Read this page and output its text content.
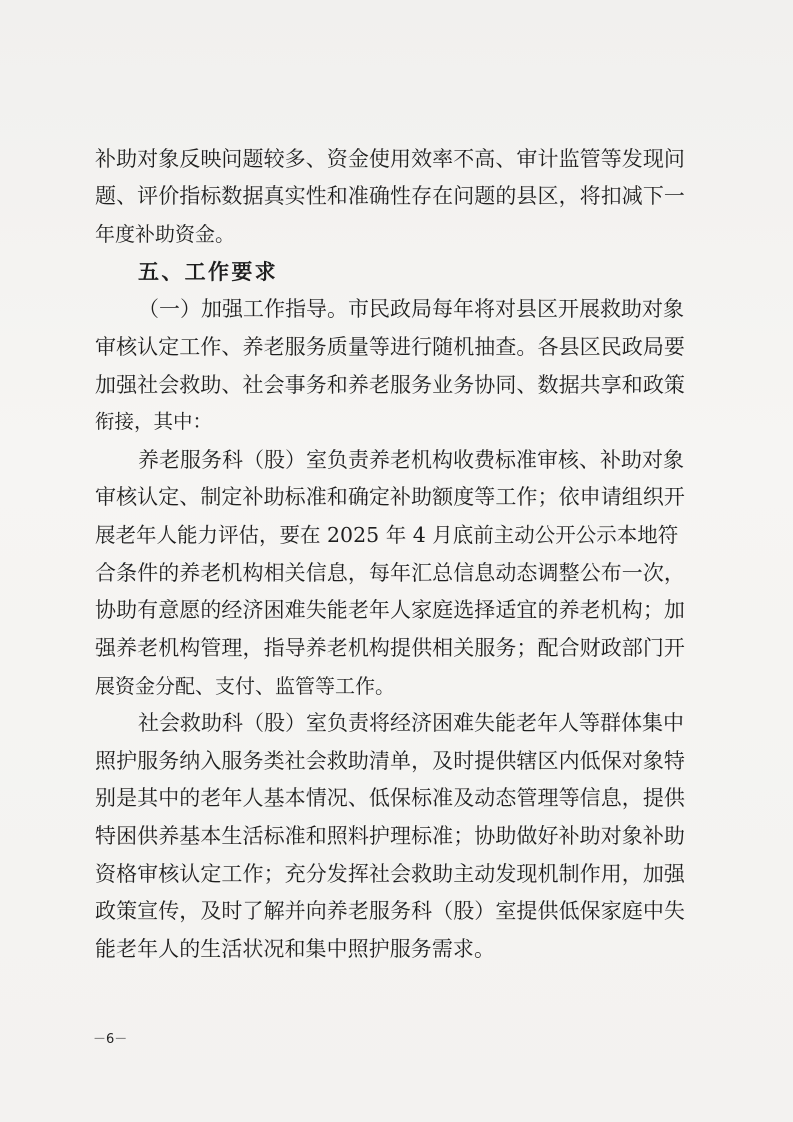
补助对象反映问题较多、资金使用效率不高、审计监管等发现问
题、评价指标数据真实性和准确性存在问题的县区，将扣减下一
年度补助资金。
五、工作要求
（一）加强工作指导。市民政局每年将对县区开展救助对象
审核认定工作、养老服务质量等进行随机抽查。各县区民政局要
加强社会救助、社会事务和养老服务业务协同、数据共享和政策
衔接，其中：
养老服务科（股）室负责养老机构收费标准审核、补助对象
审核认定、制定补助标准和确定补助额度等工作；依申请组织开
展老年人能力评估，要在 2025 年 4 月底前主动公开公示本地符
合条件的养老机构相关信息，每年汇总信息动态调整公布一次，
协助有意愿的经济困难失能老年人家庭选择适宜的养老机构；加
强养老机构管理，指导养老机构提供相关服务；配合财政部门开
展资金分配、支付、监管等工作。
社会救助科（股）室负责将经济困难失能老年人等群体集中
照护服务纳入服务类社会救助清单，及时提供辖区内低保对象特
别是其中的老年人基本情况、低保标准及动态管理等信息，提供
特困供养基本生活标准和照料护理标准；协助做好补助对象补助
资格审核认定工作；充分发挥社会救助主动发现机制作用，加强
政策宣传，及时了解并向养老服务科（股）室提供低保家庭中失
能老年人的生活状况和集中照护服务需求。
－6－
